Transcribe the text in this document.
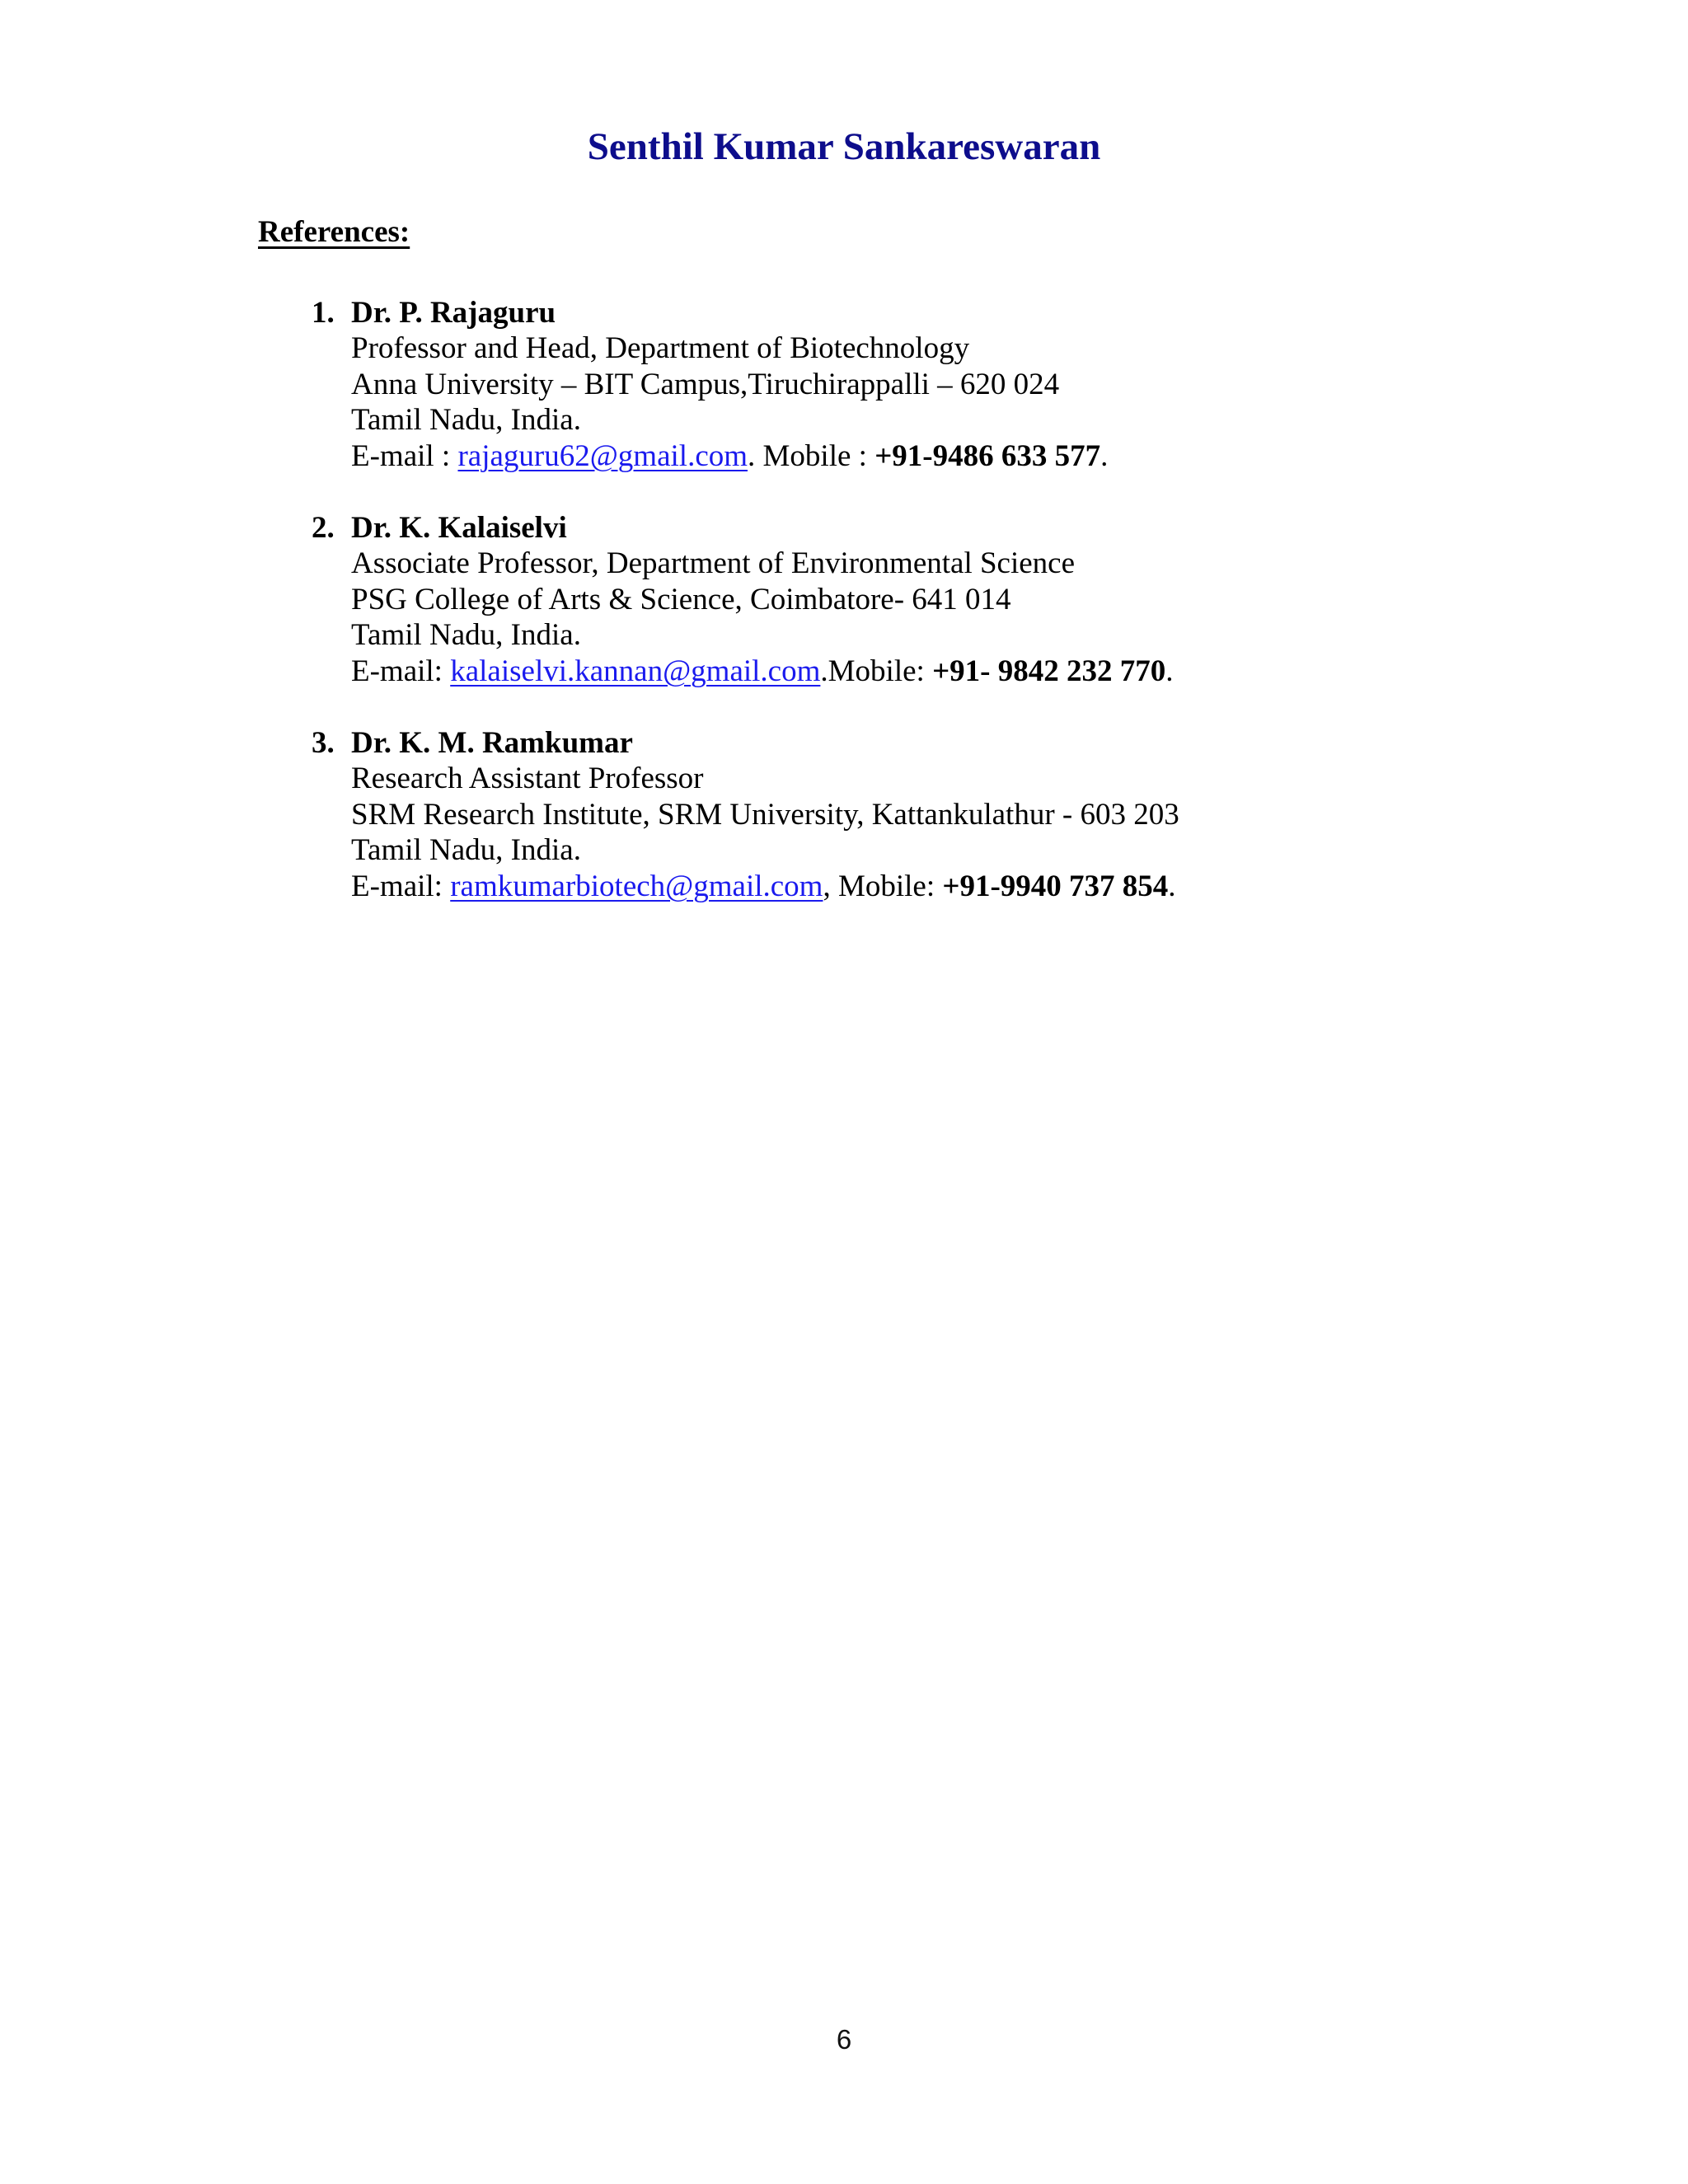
Senthil Kumar Sankareswaran
References:
1. Dr. P. Rajaguru
Professor and Head, Department of Biotechnology
Anna University – BIT Campus,Tiruchirappalli – 620 024
Tamil Nadu, India.
E-mail : rajaguru62@gmail.com. Mobile : +91-9486 633 577.
2. Dr. K. Kalaiselvi
Associate Professor, Department of Environmental Science
PSG College of Arts & Science, Coimbatore- 641 014
Tamil Nadu, India.
E-mail: kalaiselvi.kannan@gmail.com.Mobile: +91- 9842 232 770.
3. Dr. K. M. Ramkumar
Research Assistant Professor
SRM Research Institute, SRM University, Kattankulathur - 603 203
Tamil Nadu, India.
E-mail: ramkumarbiotech@gmail.com, Mobile: +91-9940 737 854.
6
